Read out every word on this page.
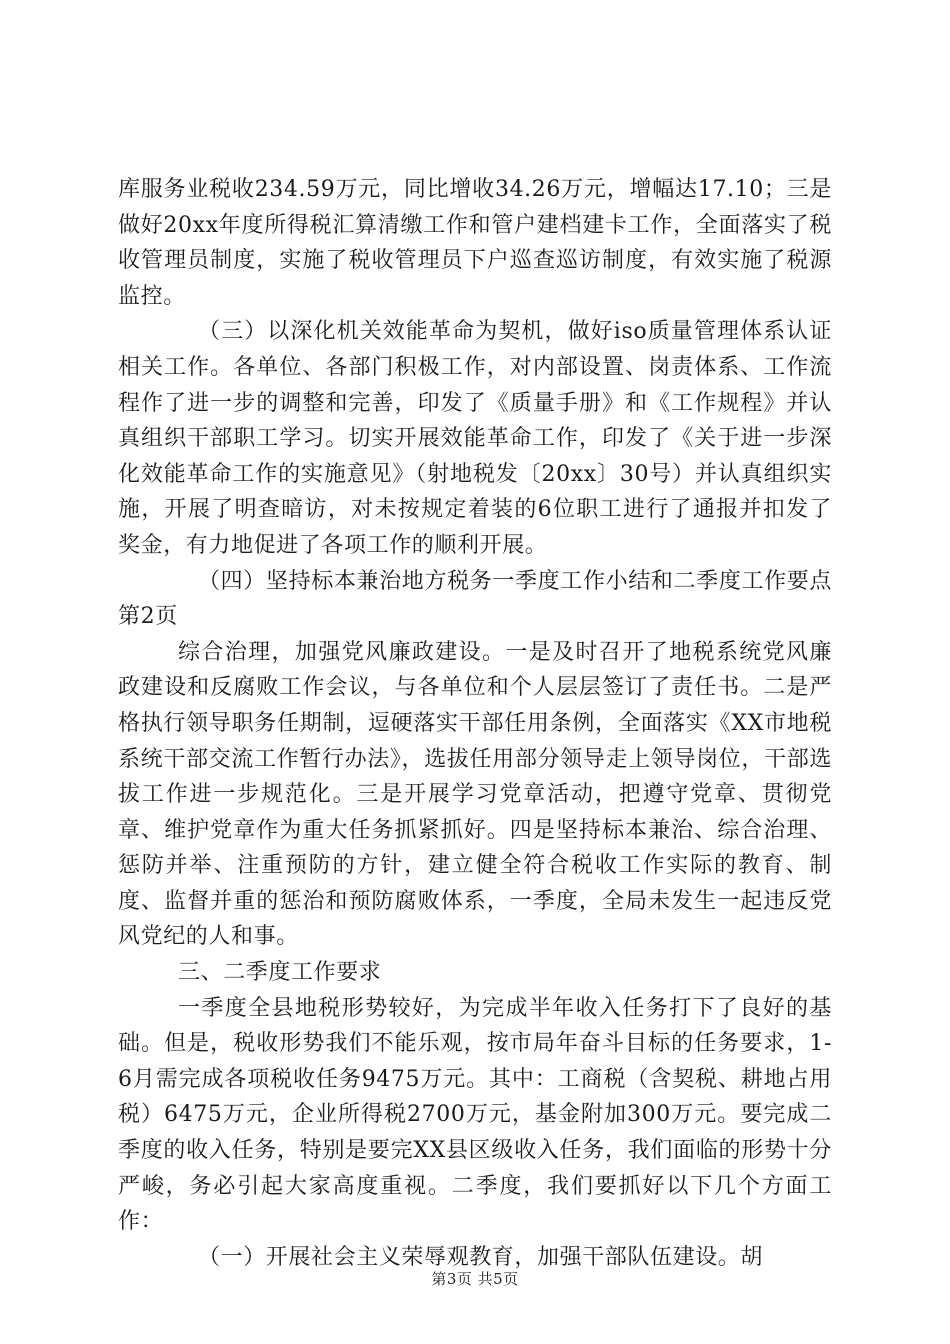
库服务业税收234.59万元，同比增收34.26万元，增幅达17.10；三是做好20xx年度所得税汇算清缴工作和管户建档建卡工作，全面落实了税收管理员制度，实施了税收管理员下户巡查巡访制度，有效实施了税源监控。

（三）以深化机关效能革命为契机，做好iso质量管理体系认证相关工作。各单位、各部门积极工作，对内部设置、岗责体系、工作流程作了进一步的调整和完善，印发了《质量手册》和《工作规程》并认真组织干部职工学习。切实开展效能革命工作，印发了《关于进一步深化效能革命工作的实施意见》（射地税发〔20xx〕30号）并认真组织实施，开展了明查暗访，对未按规定着装的6位职工进行了通报并扣发了奖金，有力地促进了各项工作的顺利开展。

（四）坚持标本兼治地方税务一季度工作小结和二季度工作要点第2页

综合治理，加强党风廉政建设。一是及时召开了地税系统党风廉政建设和反腐败工作会议，与各单位和个人层层签订了责任书。二是严格执行领导职务任期制，逗硬落实干部任用条例，全面落实《XX市地税系统干部交流工作暂行办法》，选拔任用部分领导走上领导岗位，干部选拔工作进一步规范化。三是开展学习党章活动，把遵守党章、贯彻党章、维护党章作为重大任务抓紧抓好。四是坚持标本兼治、综合治理、惩防并举、注重预防的方针，建立健全符合税收工作实际的教育、制度、监督并重的惩治和预防腐败体系，一季度，全局未发生一起违反党风党纪的人和事。

三、二季度工作要求

一季度全县地税形势较好，为完成半年收入任务打下了良好的基础。但是，税收形势我们不能乐观，按市局年奋斗目标的任务要求，1-6月需完成各项税收任务9475万元。其中：工商税（含契税、耕地占用税）6475万元，企业所得税2700万元，基金附加300万元。要完成二季度的收入任务，特别是要完XX县区级收入任务，我们面临的形势十分严峻，务必引起大家高度重视。二季度，我们要抓好以下几个方面工作：

（一）开展社会主义荣辱观教育，加强干部队伍建设。胡

第3页 共5页
